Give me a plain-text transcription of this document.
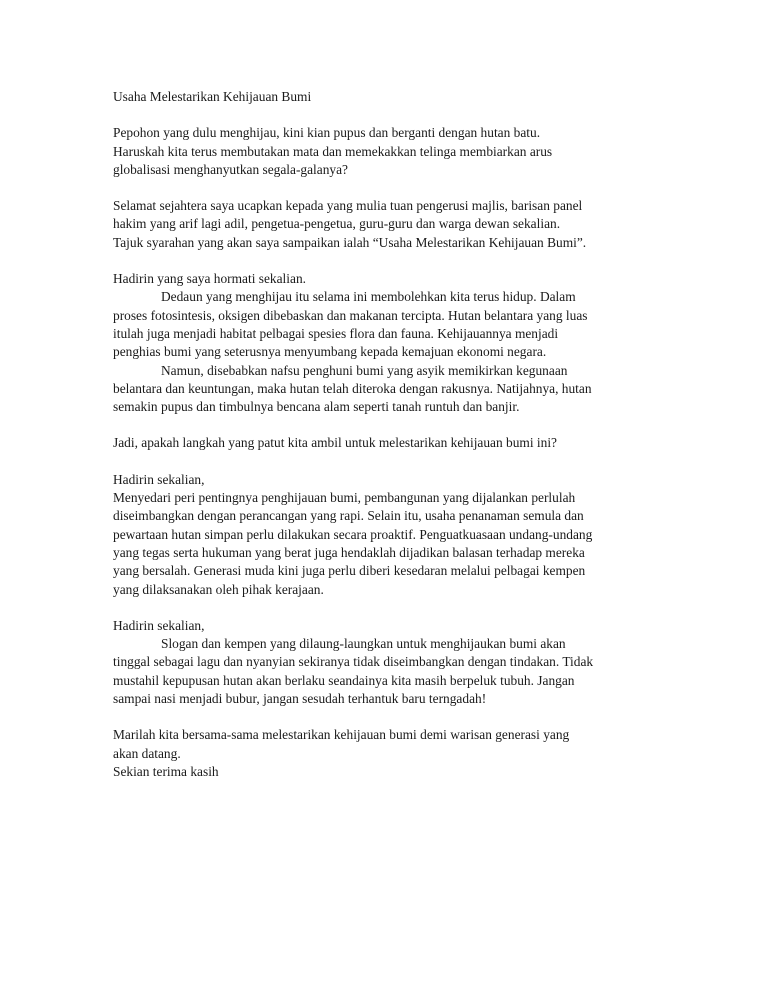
Usaha Melestarikan Kehijauan Bumi
Pepohon yang dulu menghijau, kini kian pupus dan berganti dengan hutan batu.
Haruskah kita terus membutakan mata dan memekakkan telinga membiarkan arus
globalisasi menghanyutkan segala-galanya?
Selamat sejahtera saya ucapkan kepada yang mulia tuan pengerusi majlis, barisan panel
hakim yang arif lagi adil, pengetua-pengetua, guru-guru dan warga dewan sekalian.
Tajuk syarahan yang akan saya sampaikan ialah “Usaha Melestarikan Kehijauan Bumi”.
Hadirin yang saya hormati sekalian.
Dedaun yang menghijau itu selama ini membolehkan kita terus hidup. Dalam
proses fotosintesis, oksigen dibebaskan dan makanan tercipta. Hutan belantara yang luas
itulah juga menjadi habitat pelbagai spesies flora dan fauna. Kehijauannya menjadi
penghias bumi yang seterusnya menyumbang kepada kemajuan ekonomi negara.
Namun, disebabkan nafsu penghuni bumi yang asyik memikirkan kegunaan
belantara dan keuntungan, maka hutan telah diteroka dengan rakusnya. Natijahnya, hutan
semakin pupus dan timbulnya bencana alam seperti tanah runtuh dan banjir.
Jadi, apakah langkah yang patut kita ambil untuk melestarikan kehijauan bumi ini?
Hadirin sekalian,
Menyedari peri pentingnya penghijauan bumi, pembangunan yang dijalankan perlulah
diseimbangkan dengan perancangan yang rapi. Selain itu, usaha penanaman semula dan
pewartaan hutan simpan perlu dilakukan secara proaktif. Penguatkuasaan undang-undang
yang tegas serta hukuman yang berat juga hendaklah dijadikan balasan terhadap mereka
yang bersalah. Generasi muda kini juga perlu diberi kesedaran melalui pelbagai kempen
yang dilaksanakan oleh pihak kerajaan.
Hadirin sekalian,
Slogan dan kempen yang dilaung-laungkan untuk menghijaukan bumi akan
tinggal sebagai lagu dan nyanyian sekiranya tidak diseimbangkan dengan tindakan. Tidak
mustahil kepupusan hutan akan berlaku seandainya kita masih berpeluk tubuh. Jangan
sampai nasi menjadi bubur, jangan sesudah terhantuk baru terngadah!
Marilah kita bersama-sama melestarikan kehijauan bumi demi warisan generasi yang
akan datang.
Sekian terima kasih
